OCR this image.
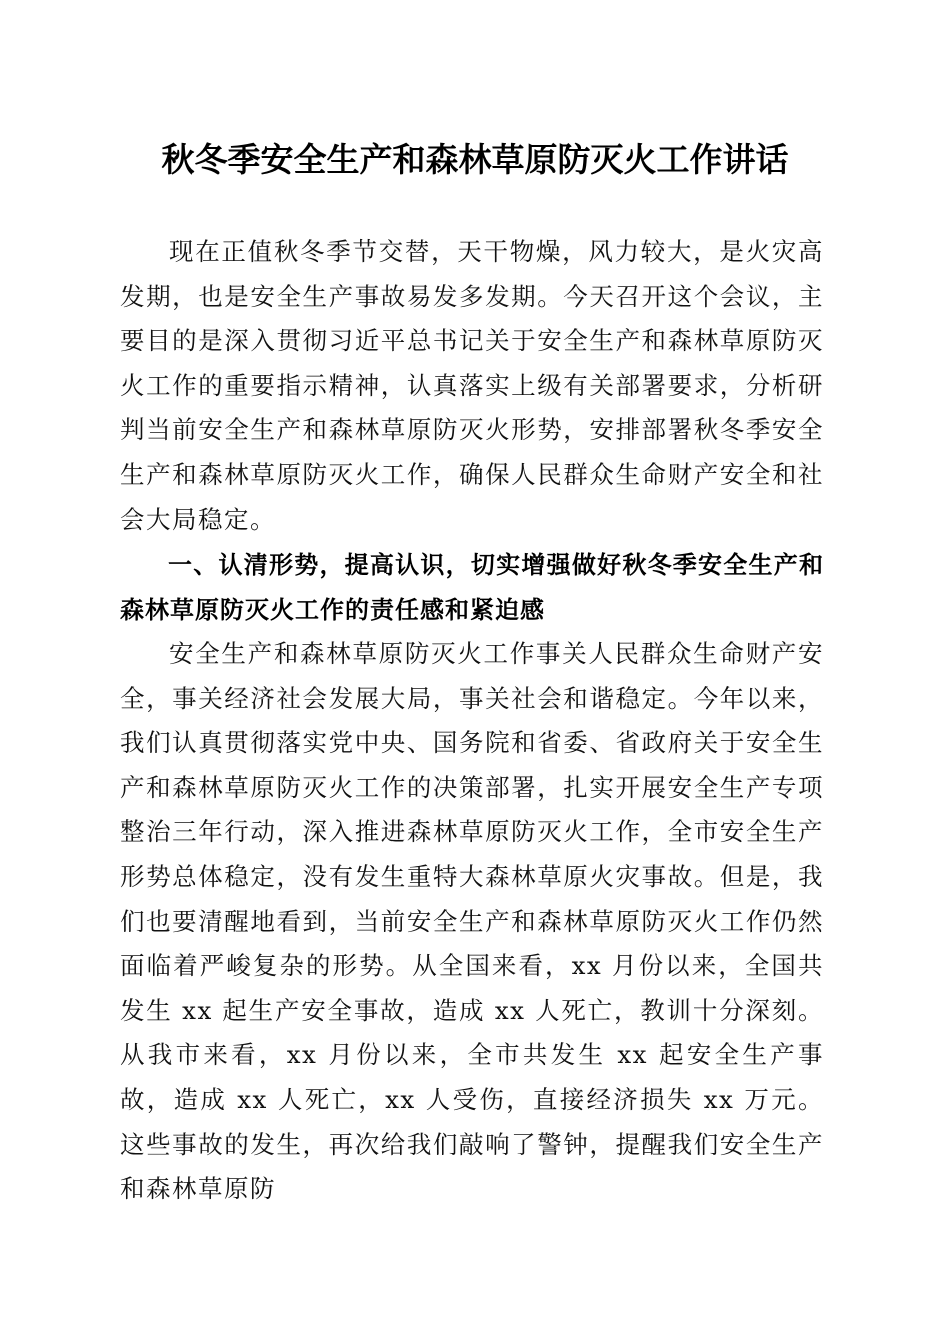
秋冬季安全生产和森林草原防灭火工作讲话

现在正值秋冬季节交替，天干物燥，风力较大，是火灾高发期，也是安全生产事故易发多发期。今天召开这个会议，主要目的是深入贯彻习近平总书记关于安全生产和森林草原防灭火工作的重要指示精神，认真落实上级有关部署要求，分析研判当前安全生产和森林草原防灭火形势，安排部署秋冬季安全生产和森林草原防灭火工作，确保人民群众生命财产安全和社会大局稳定。

一、认清形势，提高认识，切实增强做好秋冬季安全生产和森林草原防灭火工作的责任感和紧迫感

安全生产和森林草原防灭火工作事关人民群众生命财产安全，事关经济社会发展大局，事关社会和谐稳定。今年以来，我们认真贯彻落实党中央、国务院和省委、省政府关于安全生产和森林草原防灭火工作的决策部署，扎实开展安全生产专项整治三年行动，深入推进森林草原防灭火工作，全市安全生产形势总体稳定，没有发生重特大森林草原火灾事故。但是，我们也要清醒地看到，当前安全生产和森林草原防灭火工作仍然面临着严峻复杂的形势。从全国来看，xx 月份以来，全国共发生 xx 起生产安全事故，造成 xx 人死亡，教训十分深刻。从我市来看，xx 月份以来，全市共发生 xx 起安全生产事故，造成 xx 人死亡，xx 人受伤，直接经济损失 xx 万元。这些事故的发生，再次给我们敲响了警钟，提醒我们安全生产和森林草原防
